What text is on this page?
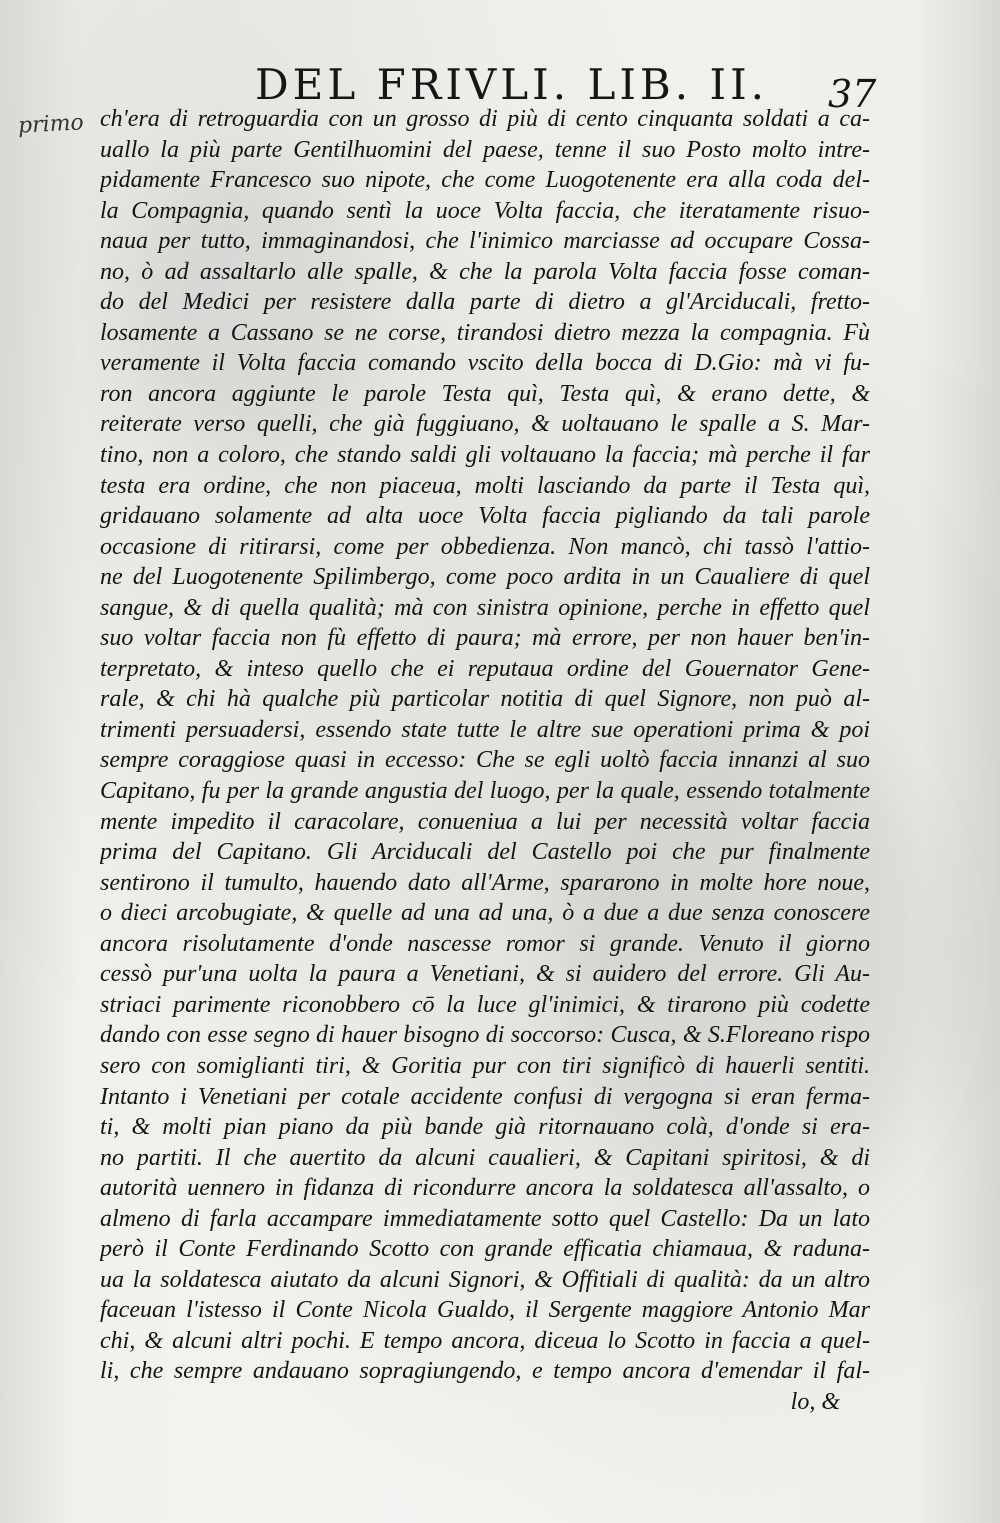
primo
DEL FRIVLI. LIB. II. 37
ch'era di retroguardia con un grosso di più di cento cinquanta soldati a ca-
uallo la più parte Gentilhuomini del paese, tenne il suo Posto molto intre-
pidamente Francesco suo nipote, che come Luogotenente era alla coda del-
la Compagnia, quando sentì la uoce Volta faccia, che iteratamente risuo-
naua per tutto, immaginandosi, che l'inimico marciasse ad occupare Cossa-
no, ò ad assaltarlo alle spalle, & che la parola Volta faccia fosse coman-
do del Medici per resistere dalla parte di dietro a gl'Arciducali, fretto-
losamente a Cassano se ne corse, tirandosi dietro mezza la compagnia. Fù
veramente il Volta faccia comando vscito della bocca di D.Gio: mà vi fu-
ron ancora aggiunte le parole Testa quì, Testa quì, & erano dette, &
reiterate verso quelli, che già fuggiuano, & uoltauano le spalle a S. Mar-
tino, non a coloro, che stando saldi gli voltauano la faccia; mà perche il far
testa era ordine, che non piaceua, molti lasciando da parte il Testa quì,
gridauano solamente ad alta uoce Volta faccia pigliando da tali parole
occasione di ritirarsi, come per obbedienza. Non mancò, chi tassò l'attio-
ne del Luogotenente Spilimbergo, come poco ardita in un Caualiere di quel
sangue, & di quella qualità; mà con sinistra opinione, perche in effetto quel
suo voltar faccia non fù effetto di paura; mà errore, per non hauer ben'in-
terpretato, & inteso quello che ei reputaua ordine del Gouernator Gene-
rale, & chi hà qualche più particolar notitia di quel Signore, non può al-
trimenti persuadersi, essendo state tutte le altre sue operationi prima & poi
sempre coraggiose quasi in eccesso: Che se egli uoltò faccia innanzi al suo
Capitano, fu per la grande angustia del luogo, per la quale, essendo totalmente
mente impedito il caracolare, conueniua a lui per necessità voltar faccia
prima del Capitano. Gli Arciducali del Castello poi che pur finalmente
sentirono il tumulto, hauendo dato all'Arme, spararono in molte hore noue,
o dieci arcobugiate, & quelle ad una ad una, ò a due a due senza conoscere
ancora risolutamente d'onde nascesse romor si grande. Venuto il giorno
cessò pur'una uolta la paura a Venetiani, & si auidero del errore. Gli Au-
striaci parimente riconobbero cō la luce gl'inimici, & tirarono più codette
dando con esse segno di hauer bisogno di soccorso: Cusca, & S.Floreano rispo
sero con somiglianti tiri, & Goritia pur con tiri significò di hauerli sentiti.
Intanto i Venetiani per cotale accidente confusi di vergogna si eran ferma-
ti, & molti pian piano da più bande già ritornauano colà, d'onde si era-
no partiti. Il che auertito da alcuni caualieri, & Capitani spiritosi, & di
autorità uennero in fidanza di ricondurre ancora la soldatesca all'assalto, o
almeno di farla accampare immediatamente sotto quel Castello: Da un lato
però il Conte Ferdinando Scotto con grande efficatia chiamaua, & raduna-
ua la soldatesca aiutato da alcuni Signori, & Offitiali di qualità: da un altro
faceuan l'istesso il Conte Nicola Gualdo, il Sergente maggiore Antonio Mar
chi, & alcuni altri pochi. E tempo ancora, diceua lo Scotto in faccia a quel-
li, che sempre andauano sopragiungendo, e tempo ancora d'emendar il fal-
lo, &
